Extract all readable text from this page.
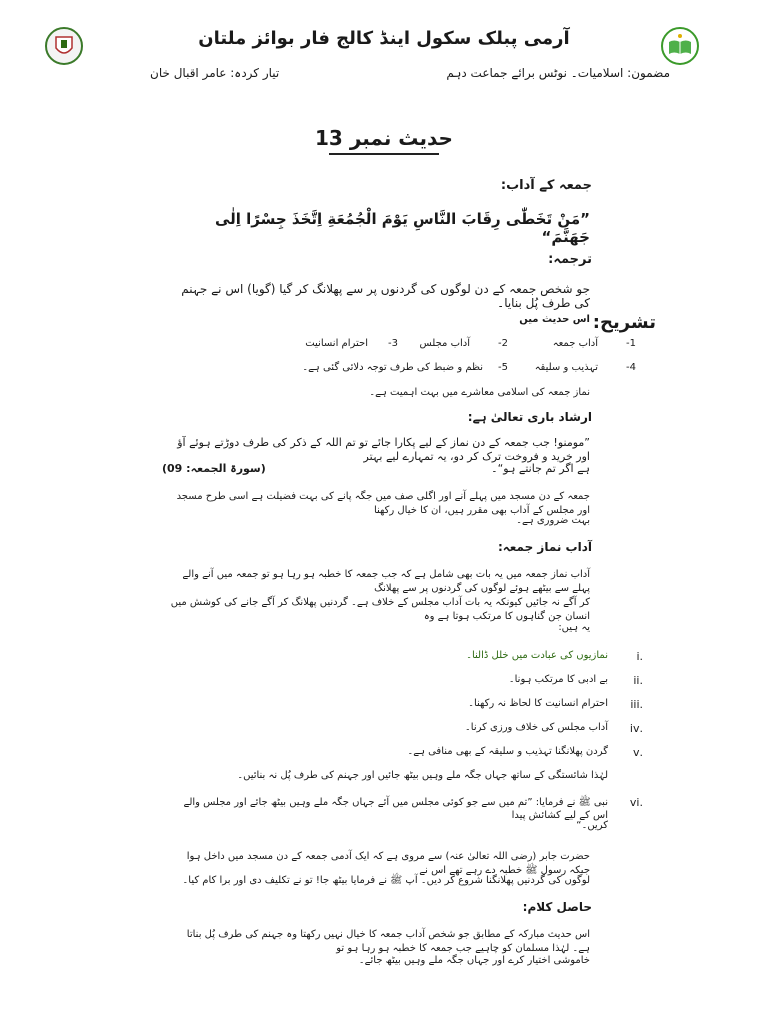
آرمی پبلک سکول اینڈ کالج فار بوائز ملتان
مضمون: اسلامیات۔ نوٹس برائے جماعت دہم
تیار کردہ: عامر اقبال خان
حدیث نمبر 13
جمعہ کے آداب:
”مَنْ تَخَطّٰی رِقَابَ النَّاسِ یَوْمَ الْجُمُعَةِ اِتَّخَذَ جِسْرًا اِلٰی جَهَنَّمَ“
ترجمہ:
جو شخص جمعہ کے دن لوگوں کی گردنوں پر سے پھلانگ کر گیا (گویا) اس نے جہنم کی طرف پُل بنایا۔
تشریح:
اس حدیث میں
1-
آداب جمعہ
2-
آداب مجلس
3-
احترام انسانیت
4-
تہذیب و سلیقہ
5-
نظم و ضبط کی طرف توجہ دلائی گئی ہے۔
نماز جمعہ کی اسلامی معاشرے میں بہت اہمیت ہے۔
ارشاد باری تعالیٰ ہے:
”مومنو! جب جمعہ کے دن نماز کے لیے پکارا جائے تو تم اللہ کے ذکر کی طرف دوڑتے ہوئے آؤ اور خرید و فروخت ترک کر دو، یہ تمہارے لیے بہتر
ہے اگر تم جانتے ہو“۔
(سورۃ الجمعہ: 09)
جمعہ کے دن مسجد میں پہلے آنے اور اگلی صف میں جگہ پانے کی بہت فضیلت ہے اسی طرح مسجد اور مجلس کے آداب بھی مقرر ہیں، ان کا خیال رکھنا
بہت ضروری ہے۔
آداب نماز جمعہ:
آداب نماز جمعہ میں یہ بات بھی شامل ہے کہ جب جمعہ کا خطبہ ہو رہا ہو تو جمعہ میں آنے والے پہلے سے بیٹھے ہوئے لوگوں کی گردنوں پر سے پھلانگ
کر آگے نہ جائیں کیونکہ یہ بات آداب مجلس کے خلاف ہے۔ گردنیں پھلانگ کر آگے جانے کی کوشش میں انسان جن گناہوں کا مرتکب ہوتا ہے وہ
یہ ہیں:
.i
نمازیوں کی عبادت میں خلل ڈالنا۔
.ii
بے ادبی کا مرتکب ہونا۔
.iii
احترام انسانیت کا لحاظ نہ رکھنا۔
.iv
آداب مجلس کی خلاف ورزی کرنا۔
.v
گردن پھلانگنا تہذیب و سلیقہ کے بھی منافی ہے۔
لہٰذا شائستگی کے ساتھ جہاں جگہ ملے وہیں بیٹھ جائیں اور جہنم کی طرف پُل نہ بنائیں۔
.vi
نبی ﷺ نے فرمایا: ”تم میں سے جو کوئی مجلس میں آئے جہاں جگہ ملے وہیں بیٹھ جائے اور مجلس والے اس کے لیے کشائش پیدا
کریں۔“
حضرت جابر (رضی اللہ تعالیٰ عنہ) سے مروی ہے کہ ایک آدمی جمعہ کے دن مسجد میں داخل ہوا جبکہ رسول ﷺ خطبہ دے رہے تھے اس نے
لوگوں کی گردنیں پھلانگنا شروع کر دیں۔ آپ ﷺ نے فرمایا بیٹھ جا! تو نے تکلیف دی اور برا کام کیا۔
حاصل کلام:
اس حدیث مبارکہ کے مطابق جو شخص آداب جمعہ کا خیال نہیں رکھتا وہ جہنم کی طرف پُل بناتا ہے۔ لہٰذا مسلمان کو چاہیے جب جمعہ کا خطبہ ہو رہا ہو تو
خاموشی اختیار کرے اور جہاں جگہ ملے وہیں بیٹھ جائے۔
